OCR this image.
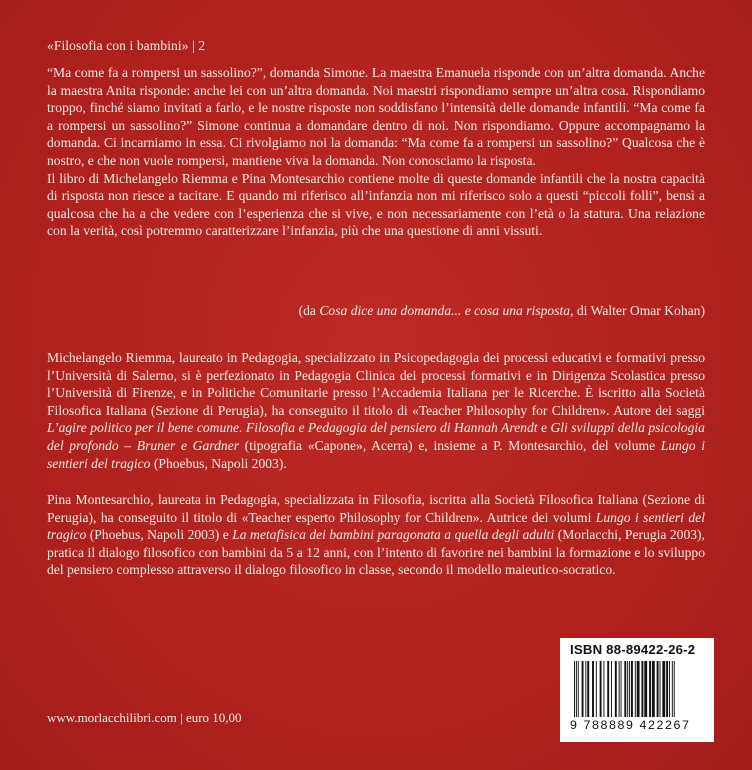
«Filosofia con i bambini» | 2

“Ma come fa a rompersi un sassolino?”, domanda Simone. La maestra Emanuela risponde con un’altra domanda. Anche la maestra Anita risponde: anche lei con un’altra domanda. Noi maestri rispondiamo sempre un’altra cosa. Rispondiamo troppo, finché siamo invitati a farlo, e le nostre risposte non soddisfano l’intensità delle domande infantili. “Ma come fa a rompersi un sassolino?” Simone continua a domandare dentro di noi. Non rispondiamo. Oppure accompagnamo la domanda. Ci incarniamo in essa. Ci rivolgiamo noi la domanda: “Ma come fa a rompersi un sassolino?” Qualcosa che è nostro, e che non vuole rompersi, mantiene viva la domanda. Non conosciamo la risposta.

Il libro di Michelangelo Riemma e Pina Montesarchio contiene molte di queste domande infantili che la nostra capacità di risposta non riesce a tacitare. E quando mi riferisco all’infanzia non mi riferisco solo a questi “piccoli folli”, bensì a qualcosa che ha a che vedere con l’esperienza che si vive, e non necessariamente con l’età o la statura. Una relazione con la verità, così potremmo caratterizzare l’infanzia, più che una questione di anni vissuti.

(da Cosa dice una domanda... e cosa una risposta, di Walter Omar Kohan)

Michelangelo Riemma, laureato in Pedagogia, specializzato in Psicopedagogia dei processi educativi e formativi presso l’Università di Salerno, si è perfezionato in Pedagogia Clinica dei processi formativi e in Dirigenza Scolastica presso l’Università di Firenze, e in Politiche Comunitarie presso l’Accademia Italiana per le Ricerche. È iscritto alla Società Filosofica Italiana (Sezione di Perugia), ha conseguito il titolo di «Teacher Philosophy for Children». Autore dei saggi L’agire politico per il bene comune. Filosofia e Pedagogia del pensiero di Hannah Arendt e Gli sviluppi della psicologia del profondo – Bruner e Gardner (tipografia «Capone», Acerra) e, insieme a P. Montesarchio, del volume Lungo i sentieri del tragico (Phoebus, Napoli 2003).

Pina Montesarchio, laureata in Pedagogia, specializzata in Filosofia, iscritta alla Società Filosofica Italiana (Sezione di Perugia), ha conseguito il titolo di «Teacher esperto Philosophy for Children». Autrice dei volumi Lungo i sentieri del tragico (Phoebus, Napoli 2003) e La metafisica dei bambini paragonata a quella degli adulti (Morlacchi, Perugia 2003), pratica il dialogo filosofico con bambini da 5 a 12 anni, con l’intento di favorire nei bambini la formazione e lo sviluppo del pensiero complesso attraverso il dialogo filosofico in classe, secondo il modello maieutico-socratico.

www.morlacchilibri.com | euro 10,00
ISBN 88-89422-26-2
9 788889 422267
